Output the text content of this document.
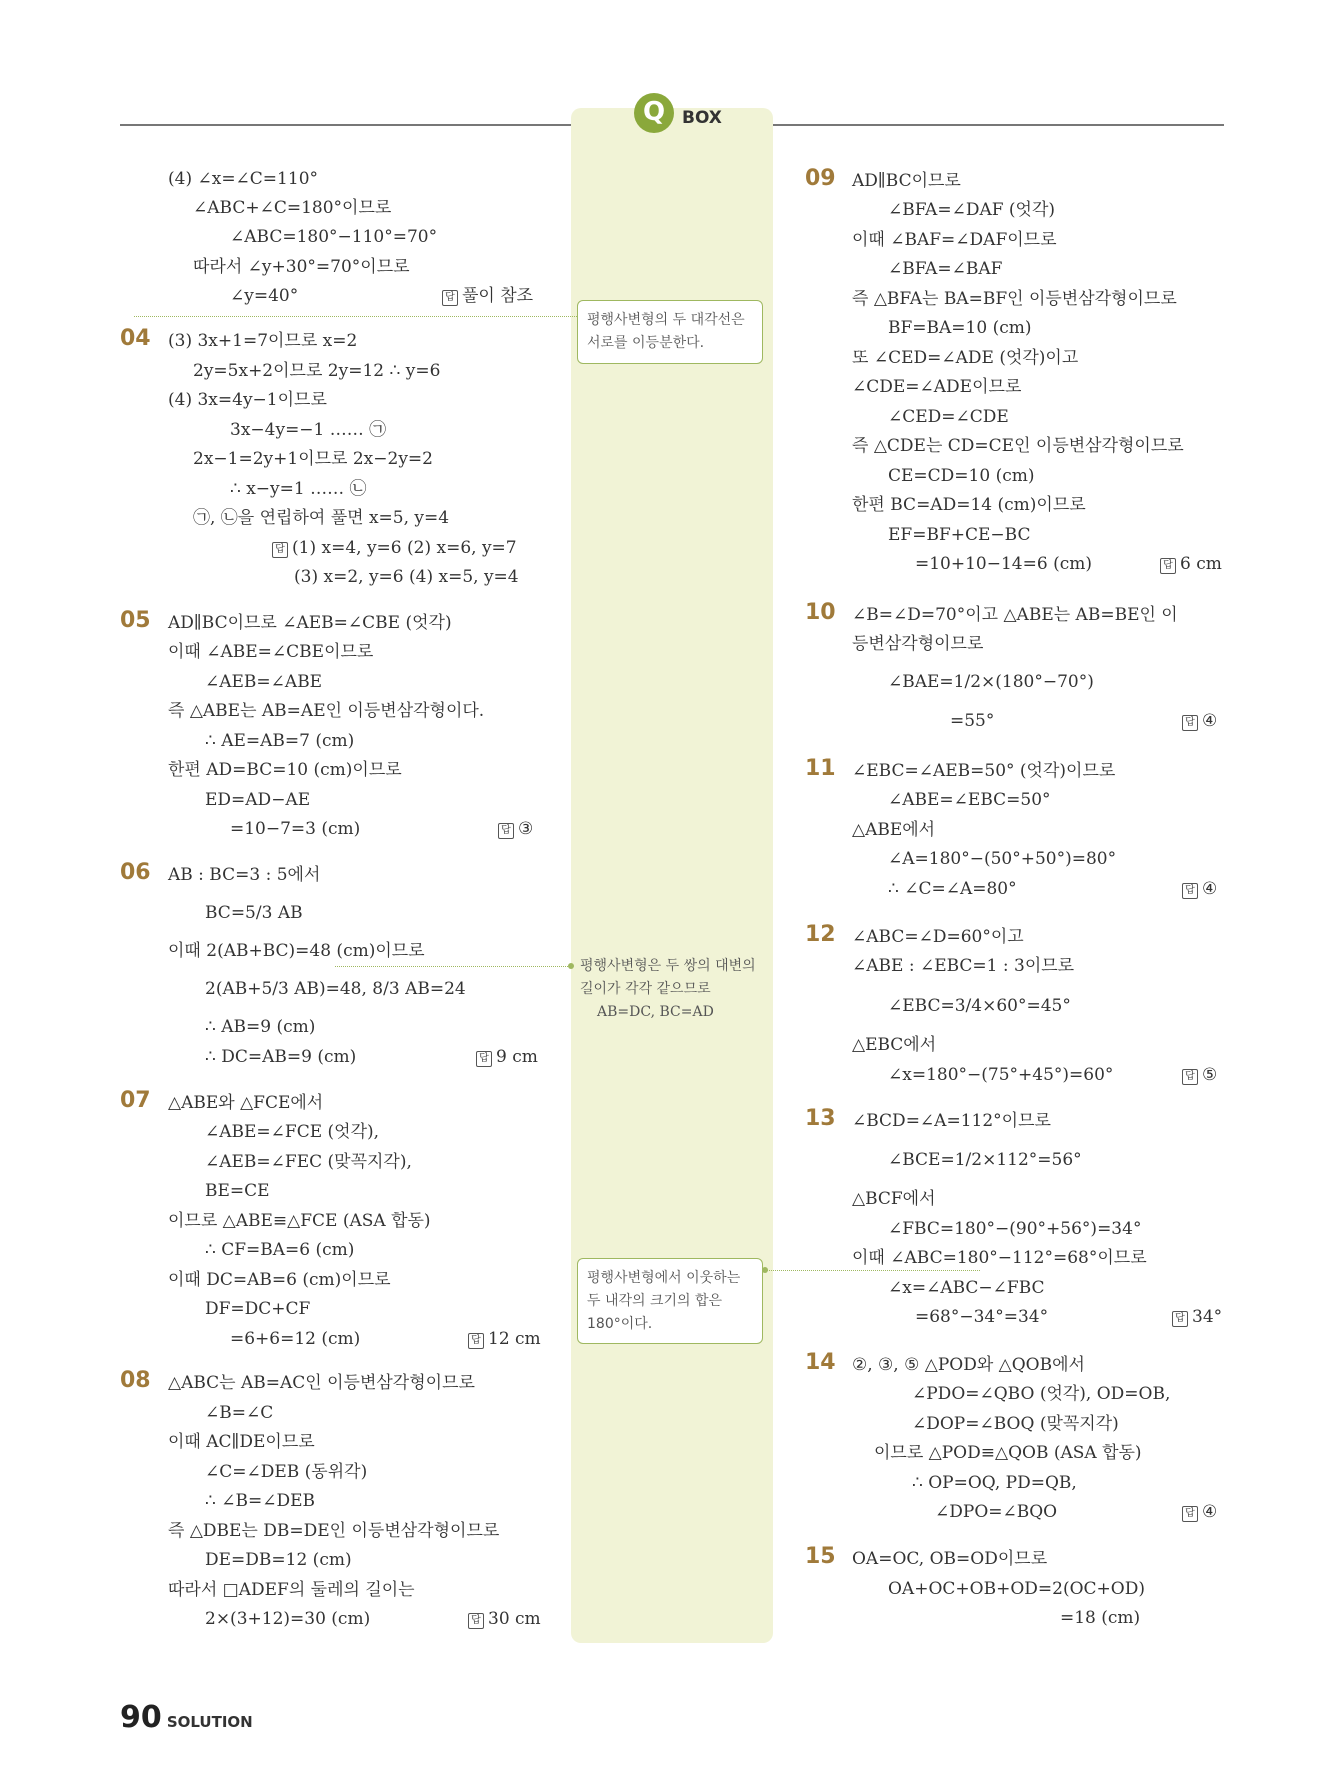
Q BOX
평행사변형의 두 대각선은 서로를 이등분한다.
평행사변형은 두 쌍의 대변의 길이가 각각 같으므로
AB=DC, BC=AD
평행사변형에서 이웃하는 두 내각의 크기의 합은 180°이다.
(4) ∠x=∠C=110°
∠ABC+∠C=180°이므로
∠ABC=180°−110°=70°
따라서 ∠y+30°=70°이므로
∠y=40°	답 풀이 참조
04 (3) 3x+1=7이므로 x=2
2y=5x+2이므로 2y=12 ∴ y=6
(4) 3x=4y−1이므로
3x−4y=−1 …… ㉠
2x−1=2y+1이므로 2x−2y=2
∴ x−y=1 …… ㉡
㉠, ㉡을 연립하여 풀면 x=5, y=4
답 (1) x=4, y=6 (2) x=6, y=7
(3) x=2, y=6 (4) x=5, y=4
05 AD∥BC이므로 ∠AEB=∠CBE (엇각)
이때 ∠ABE=∠CBE이므로
∠AEB=∠ABE
즉 △ABE는 AB=AE인 이등변삼각형이다.
∴ AE=AB=7 (cm)
한편 AD=BC=10 (cm)이므로
ED=AD−AE
=10−7=3 (cm)	답 ③
06 AB : BC=3 : 5에서
BC=5/3 AB
이때 2(AB+BC)=48 (cm)이므로
2(AB+5/3 AB)=48, 8/3 AB=24
∴ AB=9 (cm)
∴ DC=AB=9 (cm)	답 9 cm
07 △ABE와 △FCE에서
∠ABE=∠FCE (엇각),
∠AEB=∠FEC (맞꼭지각),
BE=CE
이므로 △ABE≡△FCE (ASA 합동)
∴ CF=BA=6 (cm)
이때 DC=AB=6 (cm)이므로
DF=DC+CF
=6+6=12 (cm)	답 12 cm
08 △ABC는 AB=AC인 이등변삼각형이므로
∠B=∠C
이때 AC∥DE이므로
∠C=∠DEB (동위각)
∴ ∠B=∠DEB
즉 △DBE는 DB=DE인 이등변삼각형이므로
DE=DB=12 (cm)
따라서 □ADEF의 둘레의 길이는
2×(3+12)=30 (cm)	답 30 cm
09 AD∥BC이므로
∠BFA=∠DAF (엇각)
이때 ∠BAF=∠DAF이므로
∠BFA=∠BAF
즉 △BFA는 BA=BF인 이등변삼각형이므로
BF=BA=10 (cm)
또 ∠CED=∠ADE (엇각)이고
∠CDE=∠ADE이므로
∠CED=∠CDE
즉 △CDE는 CD=CE인 이등변삼각형이므로
CE=CD=10 (cm)
한편 BC=AD=14 (cm)이므로
EF=BF+CE−BC
=10+10−14=6 (cm)	답 6 cm
10 ∠B=∠D=70°이고 △ABE는 AB=BE인 이
등변삼각형이므로
∠BAE=1/2×(180°−70°)
=55°	답 ④
11 ∠EBC=∠AEB=50° (엇각)이므로
∠ABE=∠EBC=50°
△ABE에서
∠A=180°−(50°+50°)=80°
∴ ∠C=∠A=80°	답 ④
12 ∠ABC=∠D=60°이고
∠ABE : ∠EBC=1 : 3이므로
∠EBC=3/4×60°=45°
△EBC에서
∠x=180°−(75°+45°)=60°	답 ⑤
13 ∠BCD=∠A=112°이므로
∠BCE=1/2×112°=56°
△BCF에서
∠FBC=180°−(90°+56°)=34°
이때 ∠ABC=180°−112°=68°이므로
∠x=∠ABC−∠FBC
=68°−34°=34°	답 34°
14 ②, ③, ⑤ △POD와 △QOB에서
∠PDO=∠QBO (엇각), OD=OB,
∠DOP=∠BOQ (맞꼭지각)
이므로 △POD≡△QOB (ASA 합동)
∴ OP=OQ, PD=QB,
∠DPO=∠BQO	답 ④
15 OA=OC, OB=OD이므로
OA+OC+OB+OD=2(OC+OD)
=18 (cm)
90 SOLUTION
